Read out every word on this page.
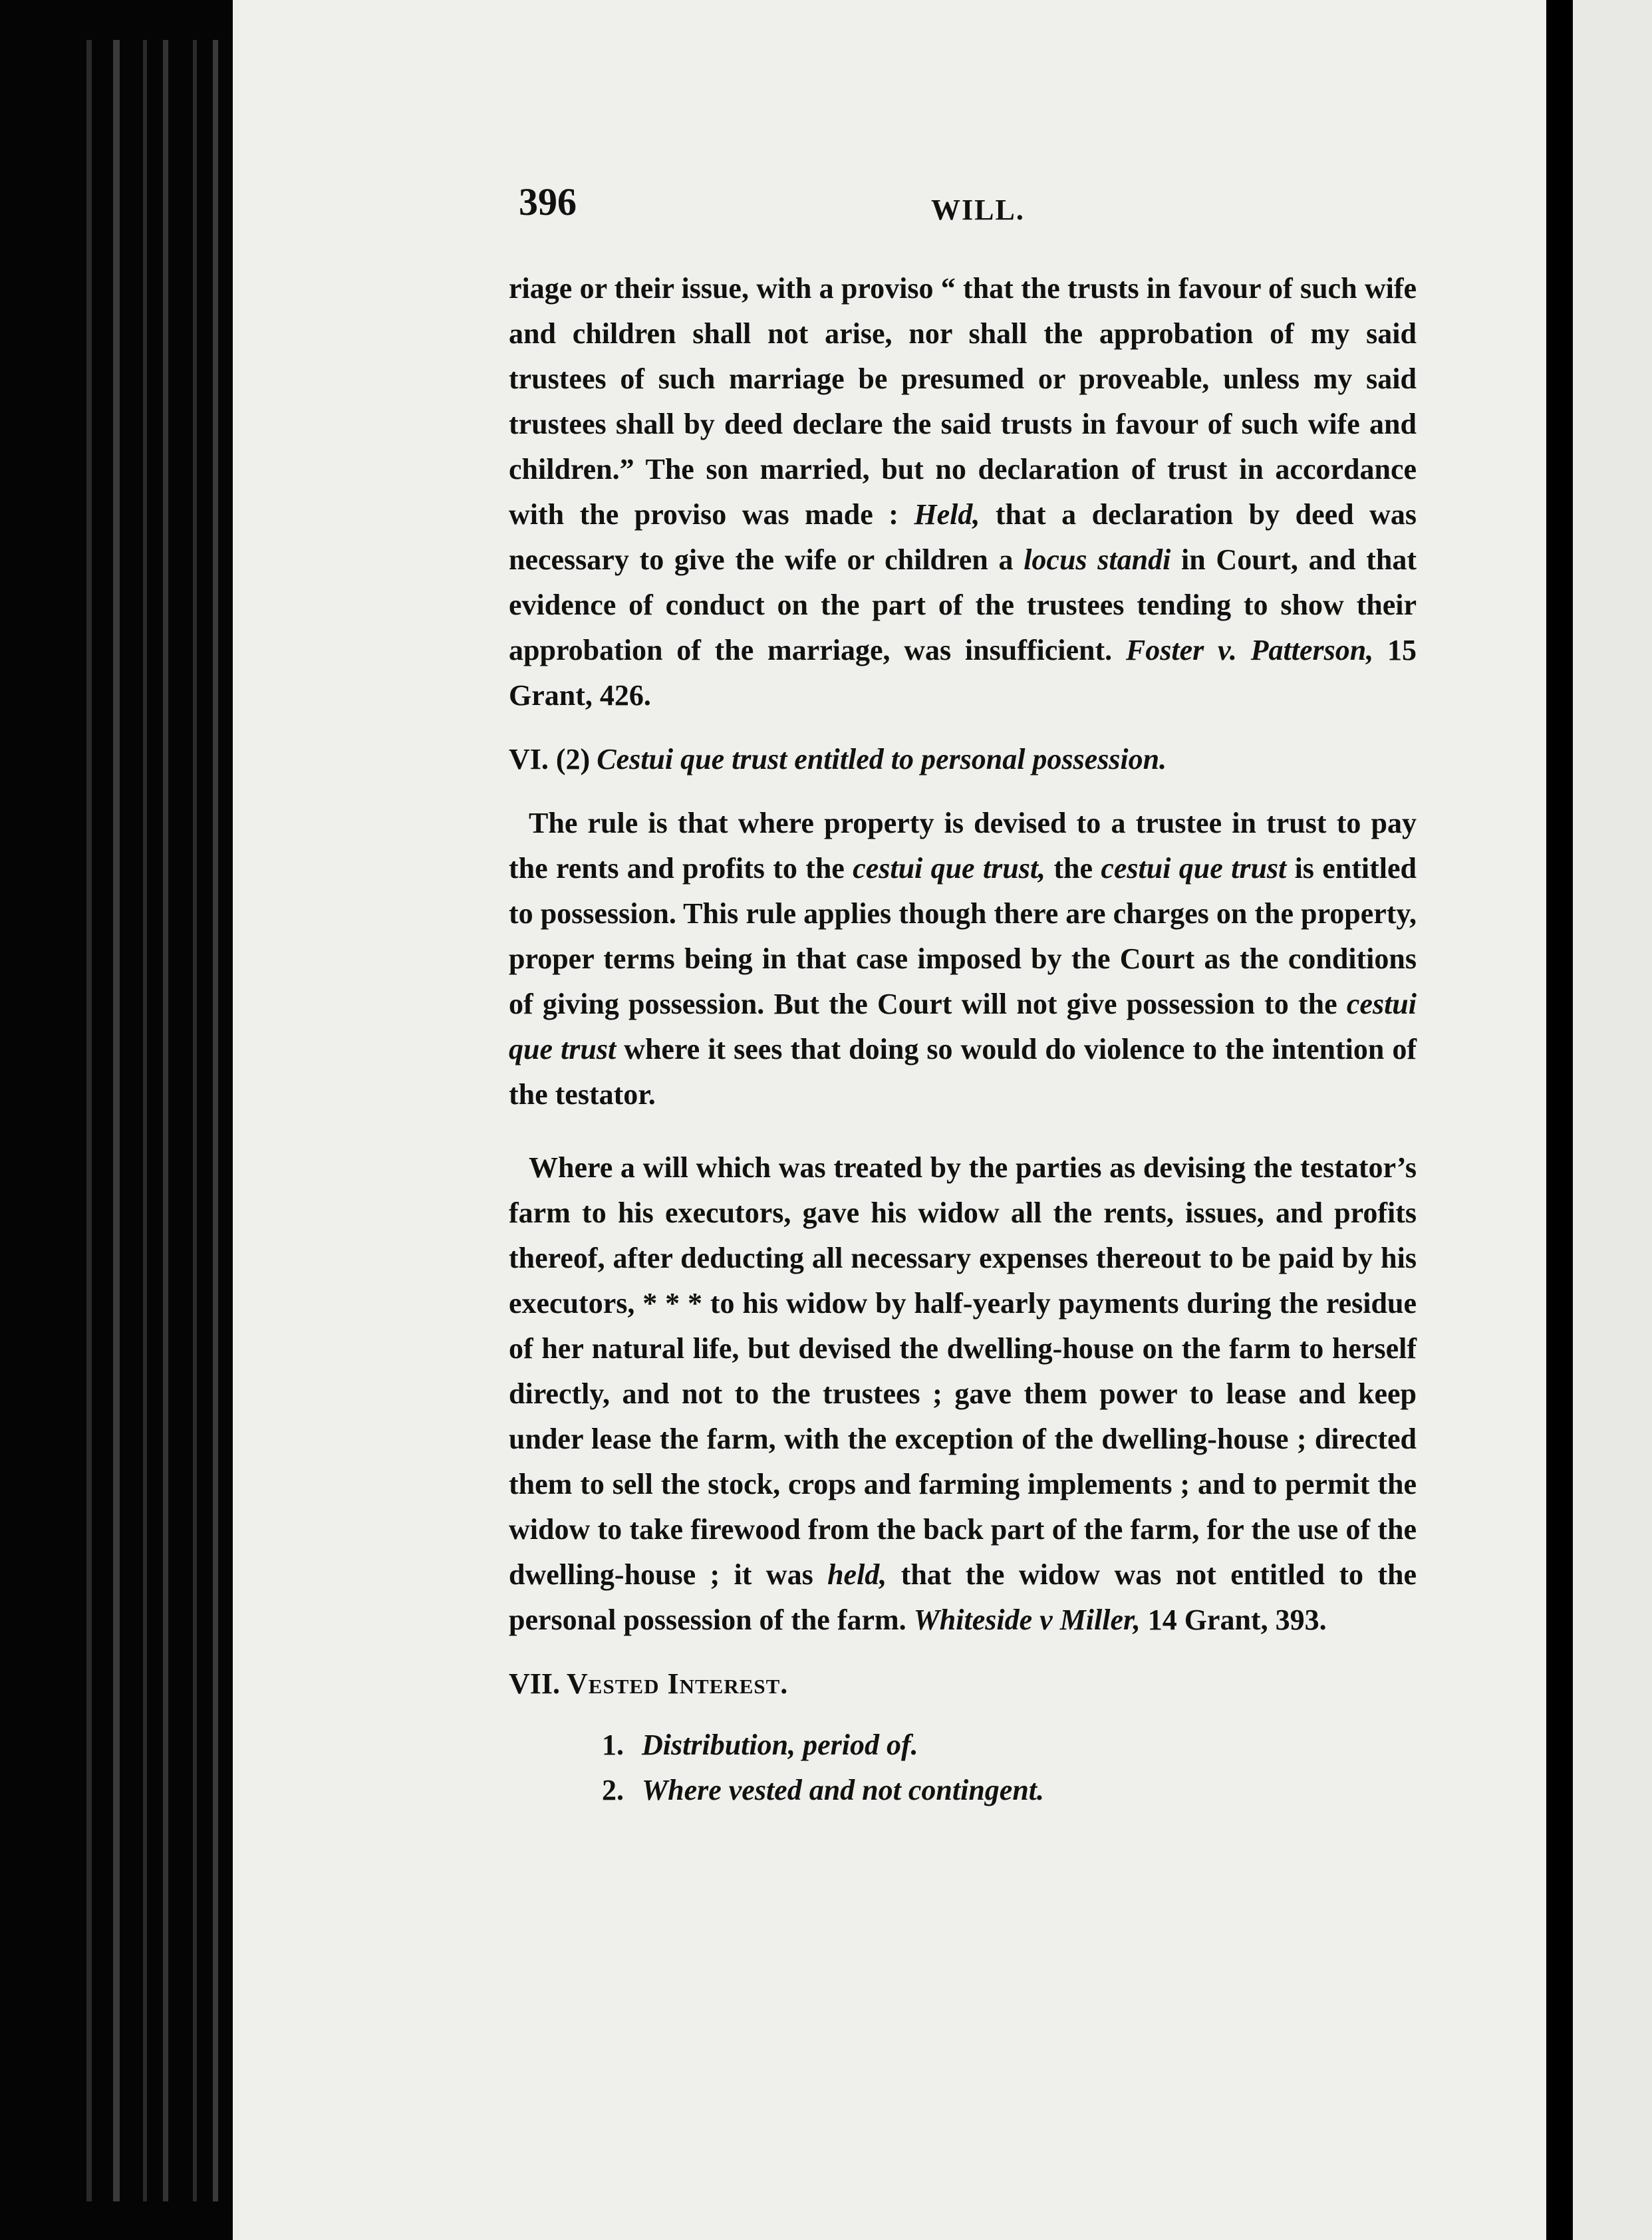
396	WILL.

riage or their issue, with a proviso “ that the trusts in favour of such wife and children shall not arise, nor shall the approbation of my said trustees of such marriage be presumed or proveable, unless my said trustees shall by deed declare the said trusts in favour of such wife and children.” The son married, but no declaration of trust in accordance with the proviso was made : Held, that a declaration by deed was necessary to give the wife or children a locus standi in Court, and that evidence of conduct on the part of the trustees tending to show their approbation of the marriage, was insufficient. Foster v. Patterson, 15 Grant, 426.

VI. (2) Cestui que trust entitled to personal possession.

The rule is that where property is devised to a trustee in trust to pay the rents and profits to the cestui que trust, the cestui que trust is entitled to possession. This rule applies though there are charges on the property, proper terms being in that case imposed by the Court as the conditions of giving possession. But the Court will not give possession to the cestui que trust where it sees that doing so would do violence to the intention of the testator.

Where a will which was treated by the parties as devising the testator’s farm to his executors, gave his widow all the rents, issues, and profits thereof, after deducting all necessary expenses thereout to be paid by his executors, * * * to his widow by half-yearly payments during the residue of her natural life, but devised the dwelling-house on the farm to herself directly, and not to the trustees ; gave them power to lease and keep under lease the farm, with the exception of the dwelling-house ; directed them to sell the stock, crops and farming implements ; and to permit the widow to take firewood from the back part of the farm, for the use of the dwelling-house ; it was held, that the widow was not entitled to the personal possession of the farm. Whiteside v Miller, 14 Grant, 393.

VII. Vested Interest.

1. Distribution, period of.
2. Where vested and not contingent.
